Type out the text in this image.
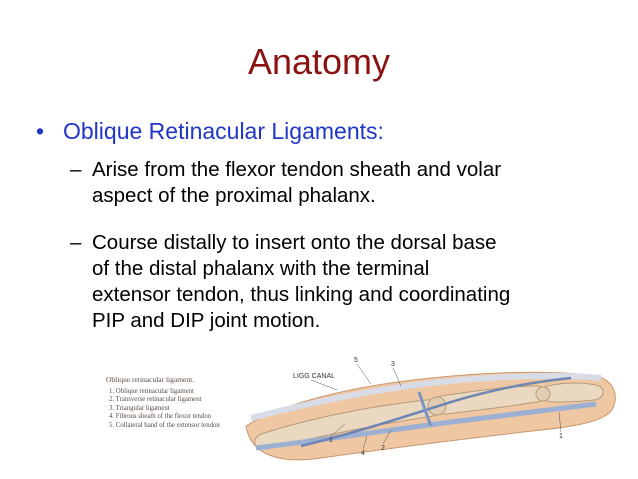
Anatomy
• Oblique Retinacular Ligaments:
– Arise from the flexor tendon sheath and volar
aspect of the proximal phalanx.
– Course distally to insert onto the dorsal base
of the distal phalanx with the terminal
extensor tendon, thus linking and coordinating
PIP and DIP joint motion.
Oblique retinacular ligament.
1. Oblique retinacular ligament
2. Transverse retinacular ligament
3. Triangular ligament
4. Fibrous sheath of the flexor tendon
5. Collateral band of the extensor tendon
LIGG CANAL
5
3
1
4
2
1
